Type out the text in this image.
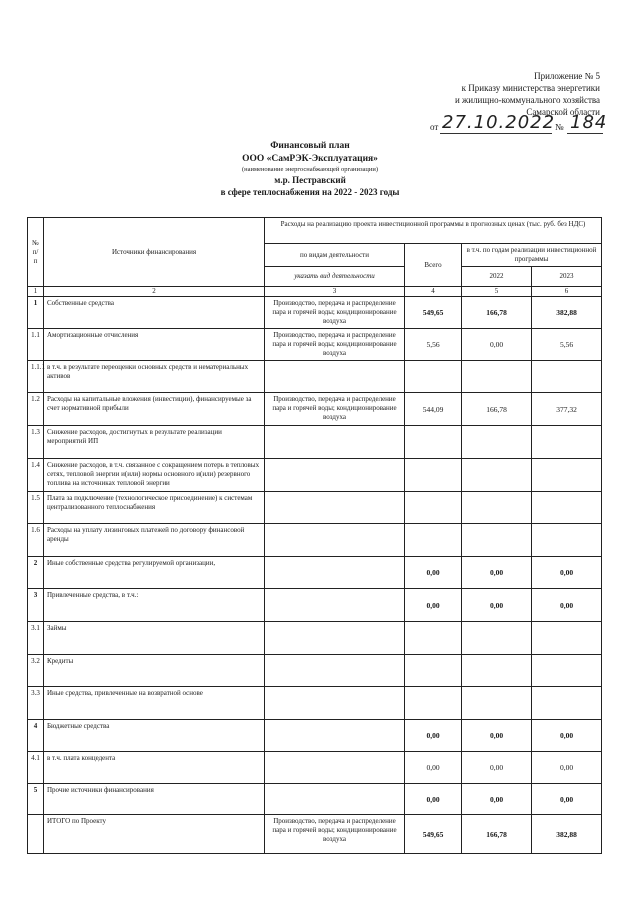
Приложение № 5
к Приказу министерства энергетики
и жилищно-коммунального хозяйства
Самарской области
от 27.10.2022 № 184
Финансовый план
ООО «СамРЭК-Эксплуатация»
(наименование энергоснабжающей организации)
м.р. Пестравский
в сфере теплоснабжения на 2022 - 2023 годы
№ п/п	Источники финансирования	Расходы на реализацию проекта инвестиционной программы в прогнозных ценах (тыс. руб. без НДС)			
		по видам деятельности	Всего	в т.ч. по годам реализации инвестиционной программы	
		указать вид деятельности		2022	2023
1	2	3	4	5	6
1	Собственные средства	Производство, передача и распределение пара и горячей воды; кондиционирование воздуха	549,65	166,78	382,88
1.1	Амортизационные отчисления	Производство, передача и распределение пара и горячей воды; кондиционирование воздуха	5,56	0,00	5,56
1.1.1	в т.ч. в результате переоценки основных средств и нематериальных активов				
1.2	Расходы на капитальные вложения (инвестиции), финансируемые за счет нормативной прибыли	Производство, передача и распределение пара и горячей воды; кондиционирование воздуха	544,09	166,78	377,32
1.3	Снижение расходов, достигнутых в результате реализации мероприятий ИП				
1.4	Снижение расходов, в т.ч. связанное с сокращением потерь в тепловых сетях, тепловой энергии и(или) нормы основного и(или) резервного топлива на источниках тепловой энергии				
1.5	Плата за подключение (технологическое присоединение) к системам централизованного теплоснабжения				
1.6	Расходы на уплату лизинговых платежей по договору финансовой аренды				
2	Иные собственные средства регулируемой организации,		0,00	0,00	0,00
3	Привлеченные средства, в т.ч.:		0,00	0,00	0,00
3.1	Займы				
3.2	Кредиты				
3.3	Иные средства, привлеченные на возвратной основе				
4	Бюджетные средства		0,00	0,00	0,00
4.1	в т.ч. плата концедента		0,00	0,00	0,00
5	Прочие источники финансирования		0,00	0,00	0,00
	ИТОГО по Проекту	Производство, передача и распределение пара и горячей воды; кондиционирование воздуха	549,65	166,78	382,88
